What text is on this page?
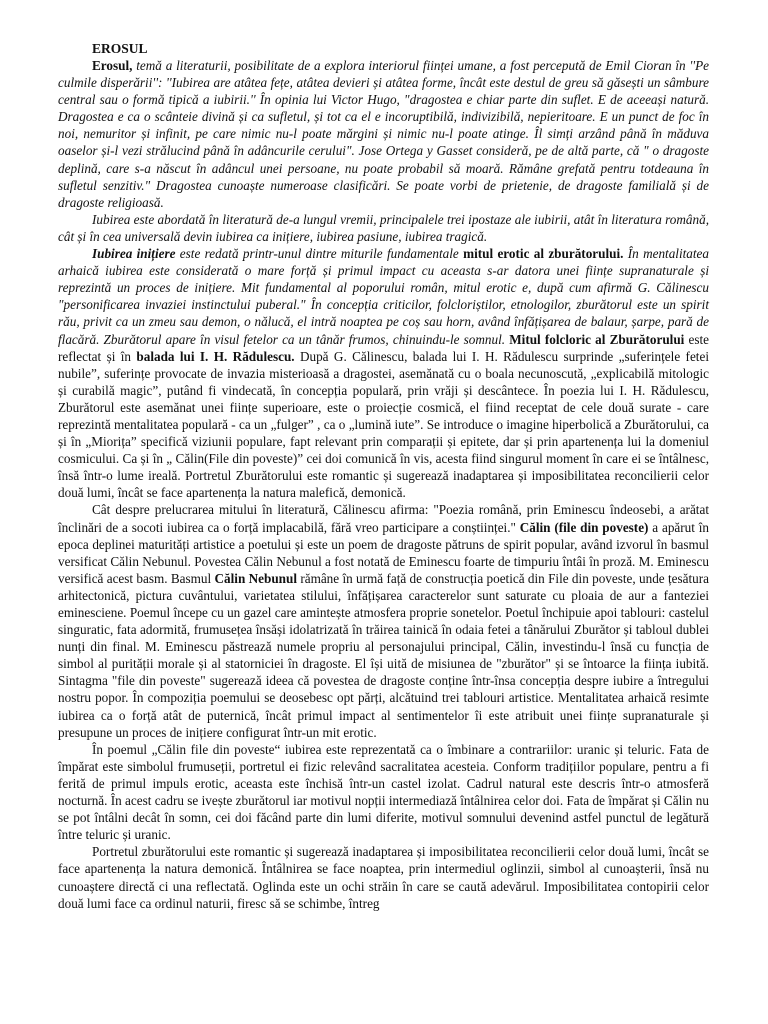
EROSUL

Erosul, temă a literaturii, posibilitate de a explora interiorul ființei umane, a fost percepută de Emil Cioran în ''Pe culmile disperării'': ''Iubirea are atâtea fețe, atâtea devieri și atâtea forme, încât este destul de greu să găsești un sâmbure central sau o formă tipică a iubirii.'' În opinia lui Victor Hugo, "dragostea e chiar parte din suflet. E de aceeași natură. Dragostea e ca o scânteie divină și ca sufletul, și tot ca el e incoruptibilă, indivizibilă, nepieritoare. E un punct de foc în noi, nemuritor și infinit, pe care nimic nu-l poate mărgini și nimic nu-l poate atinge. Îl simți arzând până în măduva oaselor și-l vezi strălucind până în adâncurile cerului". Jose Ortega y Gasset consideră, pe de altă parte, că " o dragoste deplină, care s-a născut în adâncul unei persoane, nu poate probabil să moară. Rămâne grefată pentru totdeauna în sufletul senzitiv." Dragostea cunoaște numeroase clasificări. Se poate vorbi de prietenie, de dragoste familială și de dragoste religioasă.

Iubirea este abordată în literatură de-a lungul vremii, principalele trei ipostaze ale iubirii, atât în literatura română, cât și în cea universală devin iubirea ca inițiere, iubirea pasiune, iubirea tragică.

Iubirea inițiere este redată printr-unul dintre miturile fundamentale mitul erotic al zburătorului. În mentalitatea arhaică iubirea este considerată o mare forță și primul impact cu aceasta s-ar datora unei ființe supranaturale și reprezintă un proces de inițiere. Mit fundamental al poporului român, mitul erotic e, după cum afirmă G. Călinescu "personificarea invaziei instinctului puberal." În concepția criticilor, folcloriștilor, etnologilor, zburătorul este un spirit rău, privit ca un zmeu sau demon, o nălucă, el intră noaptea pe coș sau horn, având înfățișarea de balaur, șarpe, pară de flacără. Zburătorul apare în visul fetelor ca un tânăr frumos, chinuindu-le somnul. Mitul folcloric al Zburătorului este reflectat și în balada lui I. H. Rădulescu. După G. Călinescu, balada lui I. H. Rădulescu surprinde „suferințele fetei nubile”, suferințe provocate de invazia misterioasă a dragostei, asemănată cu o boala necunoscută, „explicabilă mitologic și curabilă magic”, putând fi vindecată, în concepția populară, prin vrăji și descântece. În poezia lui I. H. Rădulescu, Zburătorul este asemănat unei ființe superioare, este o proiecție cosmică, el fiind receptat de cele două surate - care reprezintă mentalitatea populară - ca un „fulger” , ca o „lumină iute”. Se introduce o imagine hiperbolică a Zburătorului, ca și în „Miorița” specifică viziunii populare, fapt relevant prin comparații și epitete, dar și prin apartenența lui la domeniul cosmicului. Ca și în „ Călin(File din poveste)” cei doi comunică în vis, acesta fiind singurul moment în care ei se întâlnesc, însă într-o lume ireală. Portretul Zburătorului este romantic și sugerează inadaptarea și imposibilitatea reconcilierii celor două lumi, încât se face apartenența la natura malefică, demonică.

Cât despre prelucrarea mitului în literatură, Călinescu afirma: "Poezia română, prin Eminescu îndeosebi, a arătat înclinări de a socoti iubirea ca o forță implacabilă, fără vreo participare a conștiinței." Călin (file din poveste) a apărut în epoca deplinei maturități artistice a poetului și este un poem de dragoste pătruns de spirit popular, având izvorul în basmul versificat Călin Nebunul. Povestea Călin Nebunul a fost notată de Eminescu foarte de timpuriu întâi în proză. M. Eminescu versifică acest basm. Basmul Călin Nebunul rămâne în urmă față de construcția poetică din File din poveste, unde țesătura arhitectonică, pictura cuvântului, varietatea stilului, înfățișarea caracterelor sunt saturate cu ploaia de aur a fanteziei eminesciene. Poemul începe cu un gazel care amintește atmosfera proprie sonetelor. Poetul închipuie apoi tablouri: castelul singuratic, fata adormită, frumusețea însăși idolatrizată în trăirea tainică în odaia fetei a tânărului Zburător și tabloul dublei nunți din final. M. Eminescu păstrează numele propriu al personajului principal, Călin, investindu-l însă cu funcția de simbol al purității morale și al statorniciei în dragoste. El își uită de misiunea de "zburător" și se întoarce la ființa iubită. Sintagma "file din poveste" sugerează ideea că povestea de dragoste conține într-însa concepția despre iubire a întregului nostru popor. În compoziția poemului se deosebesc opt părți, alcătuind trei tablouri artistice. Mentalitatea arhaică resimte iubirea ca o forță atât de puternică, încât primul impact al sentimentelor îi este atribuit unei ființe supranaturale și presupune un proces de inițiere configurat într-un mit erotic.

În poemul „Călin file din poveste“ iubirea este reprezentată ca o îmbinare a contrariilor: uranic și teluric. Fata de împărat este simbolul frumuseții, portretul ei fizic relevând sacralitatea acesteia. Conform tradițiilor populare, pentru a fi ferită de primul impuls erotic, aceasta este închisă într-un castel izolat. Cadrul natural este descris într-o atmosferă nocturnă. În acest cadru se ivește zburătorul iar motivul nopții intermediază întâlnirea celor doi. Fata de împărat și Călin nu se pot întâlni decât în somn, cei doi făcând parte din lumi diferite, motivul somnului devenind astfel punctul de legătură între teluric și uranic.

Portretul zburătorului este romantic și sugerează inadaptarea și imposibilitatea reconcilierii celor două lumi, încât se face apartenența la natura demonică. Întâlnirea se face noaptea, prin intermediul oglinzii, simbol al cunoașterii, însă nu cunoaștere directă ci una reflectată. Oglinda este un ochi străin în care se caută adevărul. Imposibilitatea contopirii celor două lumi face ca ordinul naturii, firesc să se schimbe, întreg
